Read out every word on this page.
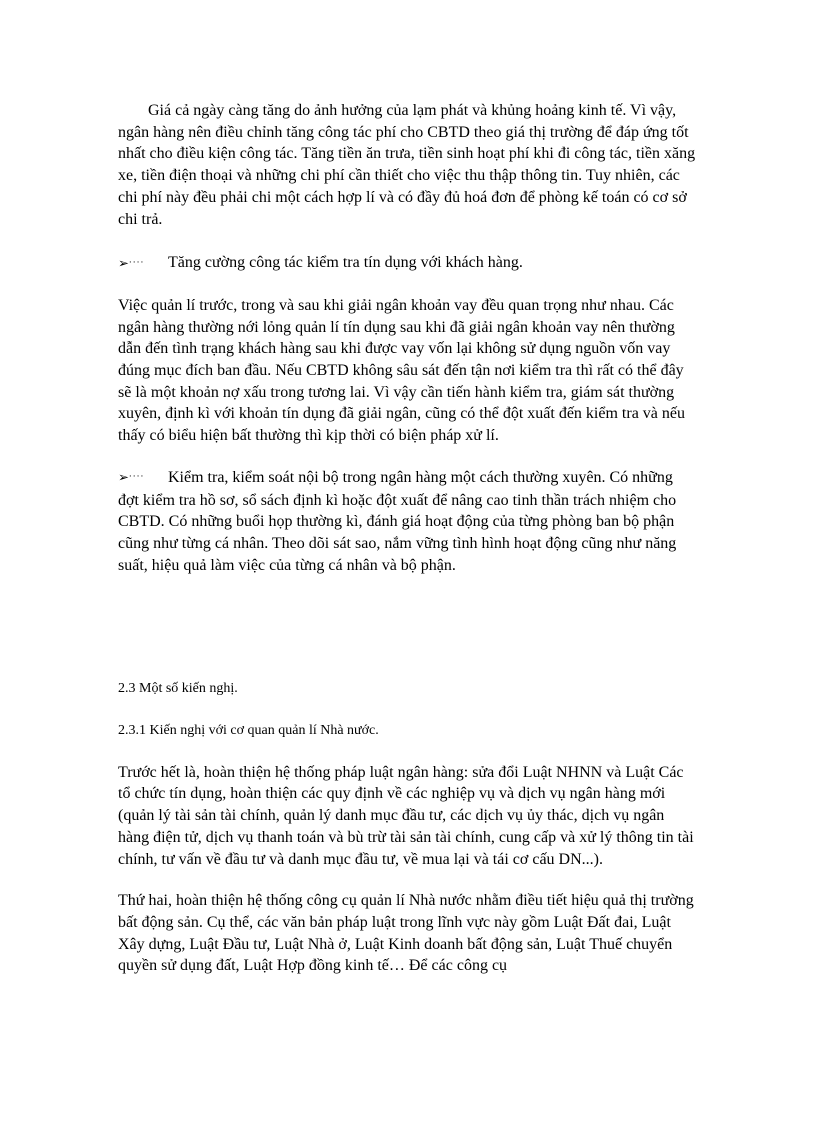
Giá cả ngày càng tăng do ảnh hưởng của lạm phát và khủng hoảng kinh tế. Vì vậy, ngân hàng nên điều chỉnh tăng công tác phí cho CBTD theo giá thị trường để đáp ứng tốt nhất cho điều kiện công tác. Tăng tiền ăn trưa, tiền sinh hoạt phí khi đi công tác, tiền xăng xe, tiền điện thoại và những chi phí cần thiết cho việc thu thập thông tin. Tuy nhiên, các chi phí này đều phải chi một cách hợp lí và có đầy đủ hoá đơn để phòng kế toán có cơ sở chi trả.

➢···· Tăng cường công tác kiểm tra tín dụng với khách hàng.

Việc quản lí trước, trong và sau khi giải ngân khoản vay đều quan trọng như nhau. Các ngân hàng thường nới lỏng quản lí tín dụng sau khi đã giải ngân khoản vay nên thường dẫn đến tình trạng khách hàng sau khi được vay vốn lại không sử dụng nguồn vốn vay đúng mục đích ban đầu. Nếu CBTD không sâu sát đến tận nơi kiểm tra thì rất có thể đây sẽ là một khoản nợ xấu trong tương lai. Vì vậy cần tiến hành kiểm tra, giám sát thường xuyên, định kì với khoản tín dụng đã giải ngân, cũng có thể đột xuất đến kiểm tra và nếu thấy có biểu hiện bất thường thì kịp thời có biện pháp xử lí.

➢···· Kiểm tra, kiểm soát nội bộ trong ngân hàng một cách thường xuyên. Có những đợt kiểm tra hồ sơ, sổ sách định kì hoặc đột xuất để nâng cao tinh thần trách nhiệm cho CBTD. Có những buổi họp thường kì, đánh giá hoạt động của từng phòng ban bộ phận cũng như từng cá nhân. Theo dõi sát sao, nắm vững tình hình hoạt động cũng như năng suất, hiệu quả làm việc của từng cá nhân và bộ phận.

2.3 Một số kiến nghị.

2.3.1 Kiến nghị với cơ quan quản lí Nhà nước.

Trước hết là, hoàn thiện hệ thống pháp luật ngân hàng: sửa đổi Luật NHNN và Luật Các tổ chức tín dụng, hoàn thiện các quy định về các nghiệp vụ và dịch vụ ngân hàng mới (quản lý tài sản tài chính, quản lý danh mục đầu tư, các dịch vụ ủy thác, dịch vụ ngân hàng điện tử, dịch vụ thanh toán và bù trừ tài sản tài chính, cung cấp và xử lý thông tin tài chính, tư vấn về đầu tư và danh mục đầu tư, về mua lại và tái cơ cấu DN...).

Thứ hai, hoàn thiện hệ thống công cụ quản lí Nhà nước nhằm điều tiết hiệu quả thị trường bất động sản. Cụ thể, các văn bản pháp luật trong lĩnh vực này gồm Luật Đất đai, Luật Xây dựng, Luật Đầu tư, Luật Nhà ở, Luật Kinh doanh bất động sản, Luật Thuế chuyển quyền sử dụng đất, Luật Hợp đồng kinh tế… Để các công cụ
